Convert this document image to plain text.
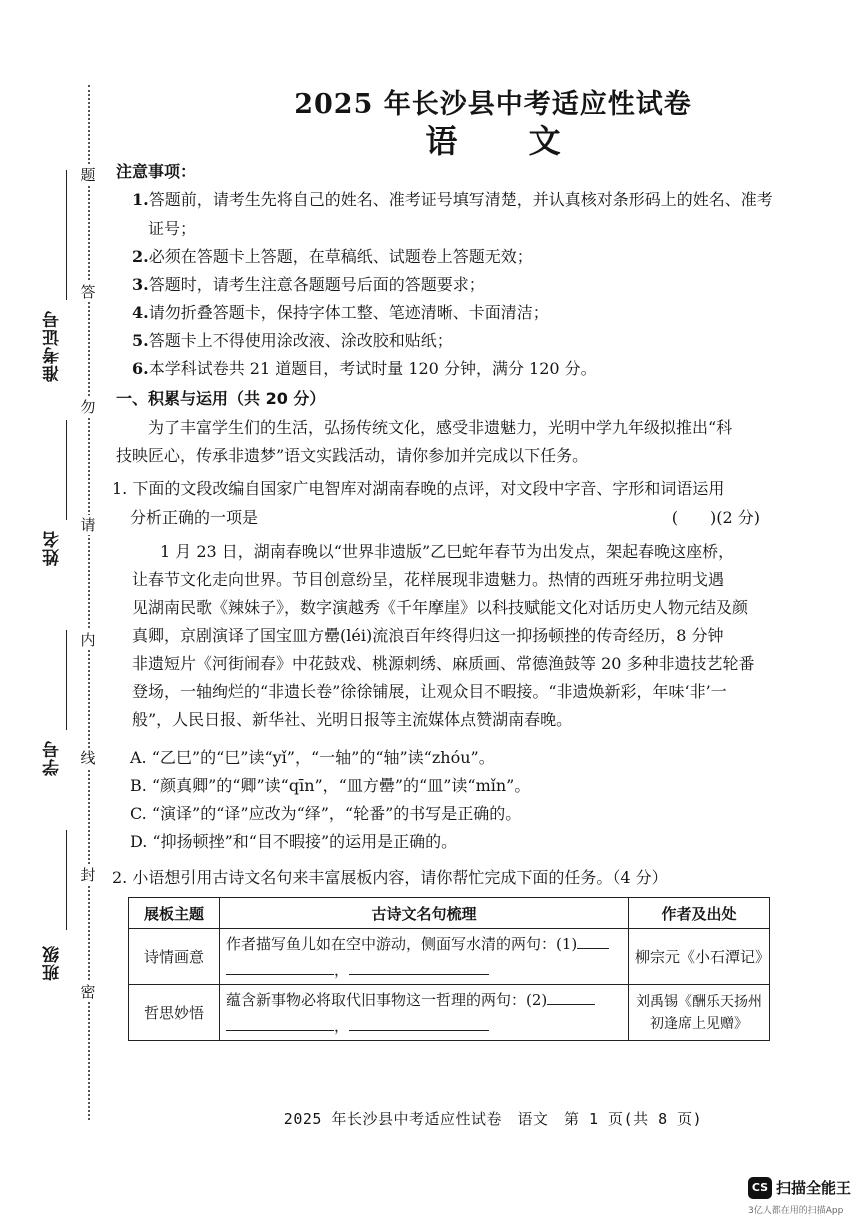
题
答
勿
请
内
线
封
密
准考证号
姓名
学号
班级
2025 年长沙县中考适应性试卷
语 文
注意事项：
1.答题前，请考生先将自己的姓名、准考证号填写清楚，并认真核对条形码上的姓名、准考
证号；
2.必须在答题卡上答题，在草稿纸、试题卷上答题无效；
3.答题时，请考生注意各题题号后面的答题要求；
4.请勿折叠答题卡，保持字体工整、笔迹清晰、卡面清洁；
5.答题卡上不得使用涂改液、涂改胶和贴纸；
6.本学科试卷共 21 道题目，考试时量 120 分钟，满分 120 分。
一、积累与运用（共 20 分）
为了丰富学生们的生活，弘扬传统文化，感受非遗魅力，光明中学九年级拟推出“科
技映匠心，传承非遗梦”语文实践活动，请你参加并完成以下任务。
1. 下面的文段改编自国家广电智库对湖南春晚的点评，对文段中字音、字形和词语运用
分析正确的一项是	(　　)(2 分)
1 月 23 日，湖南春晚以“世界非遗版”乙巳蛇年春节为出发点，架起春晚这座桥，
让春节文化走向世界。节目创意纷呈，花样展现非遗魅力。热情的西班牙弗拉明戈遇
见湖南民歌《辣妹子》，数字演越秀《千年摩崖》以科技赋能文化对话历史人物元结及颜
真卿，京剧演译了国宝皿方罍(léi)流浪百年终得归这一抑扬顿挫的传奇经历，8 分钟
非遗短片《河街闹春》中花鼓戏、桃源刺绣、麻质画、常德渔鼓等 20 多种非遗技艺轮番
登场，一轴绚烂的“非遗长卷”徐徐铺展，让观众目不暇接。“非遗焕新彩，年味‘非’一
般”，人民日报、新华社、光明日报等主流媒体点赞湖南春晚。
A. “乙巳”的“巳”读“yǐ”，“一轴”的“轴”读“zhóu”。
B. “颜真卿”的“卿”读“qīn”，“皿方罍”的“皿”读“mǐn”。
C. “演译”的“译”应改为“绎”，“轮番”的书写是正确的。
D. “抑扬顿挫”和“目不暇接”的运用是正确的。
2. 小语想引用古诗文名句来丰富展板内容，请你帮忙完成下面的任务。（4 分）
展板主题	古诗文名句梳理	作者及出处
诗情画意	作者描写鱼儿如在空中游动，侧面写水清的两句：(1)
，	柳宗元《小石潭记》
哲思妙悟	蕴含新事物必将取代旧事物这一哲理的两句：(2)
，	刘禹锡《酬乐天扬州初逢席上见赠》
2025 年长沙县中考适应性试卷　语文　第 1 页(共 8 页)
CS 扫描全能王
3亿人都在用的扫描App
